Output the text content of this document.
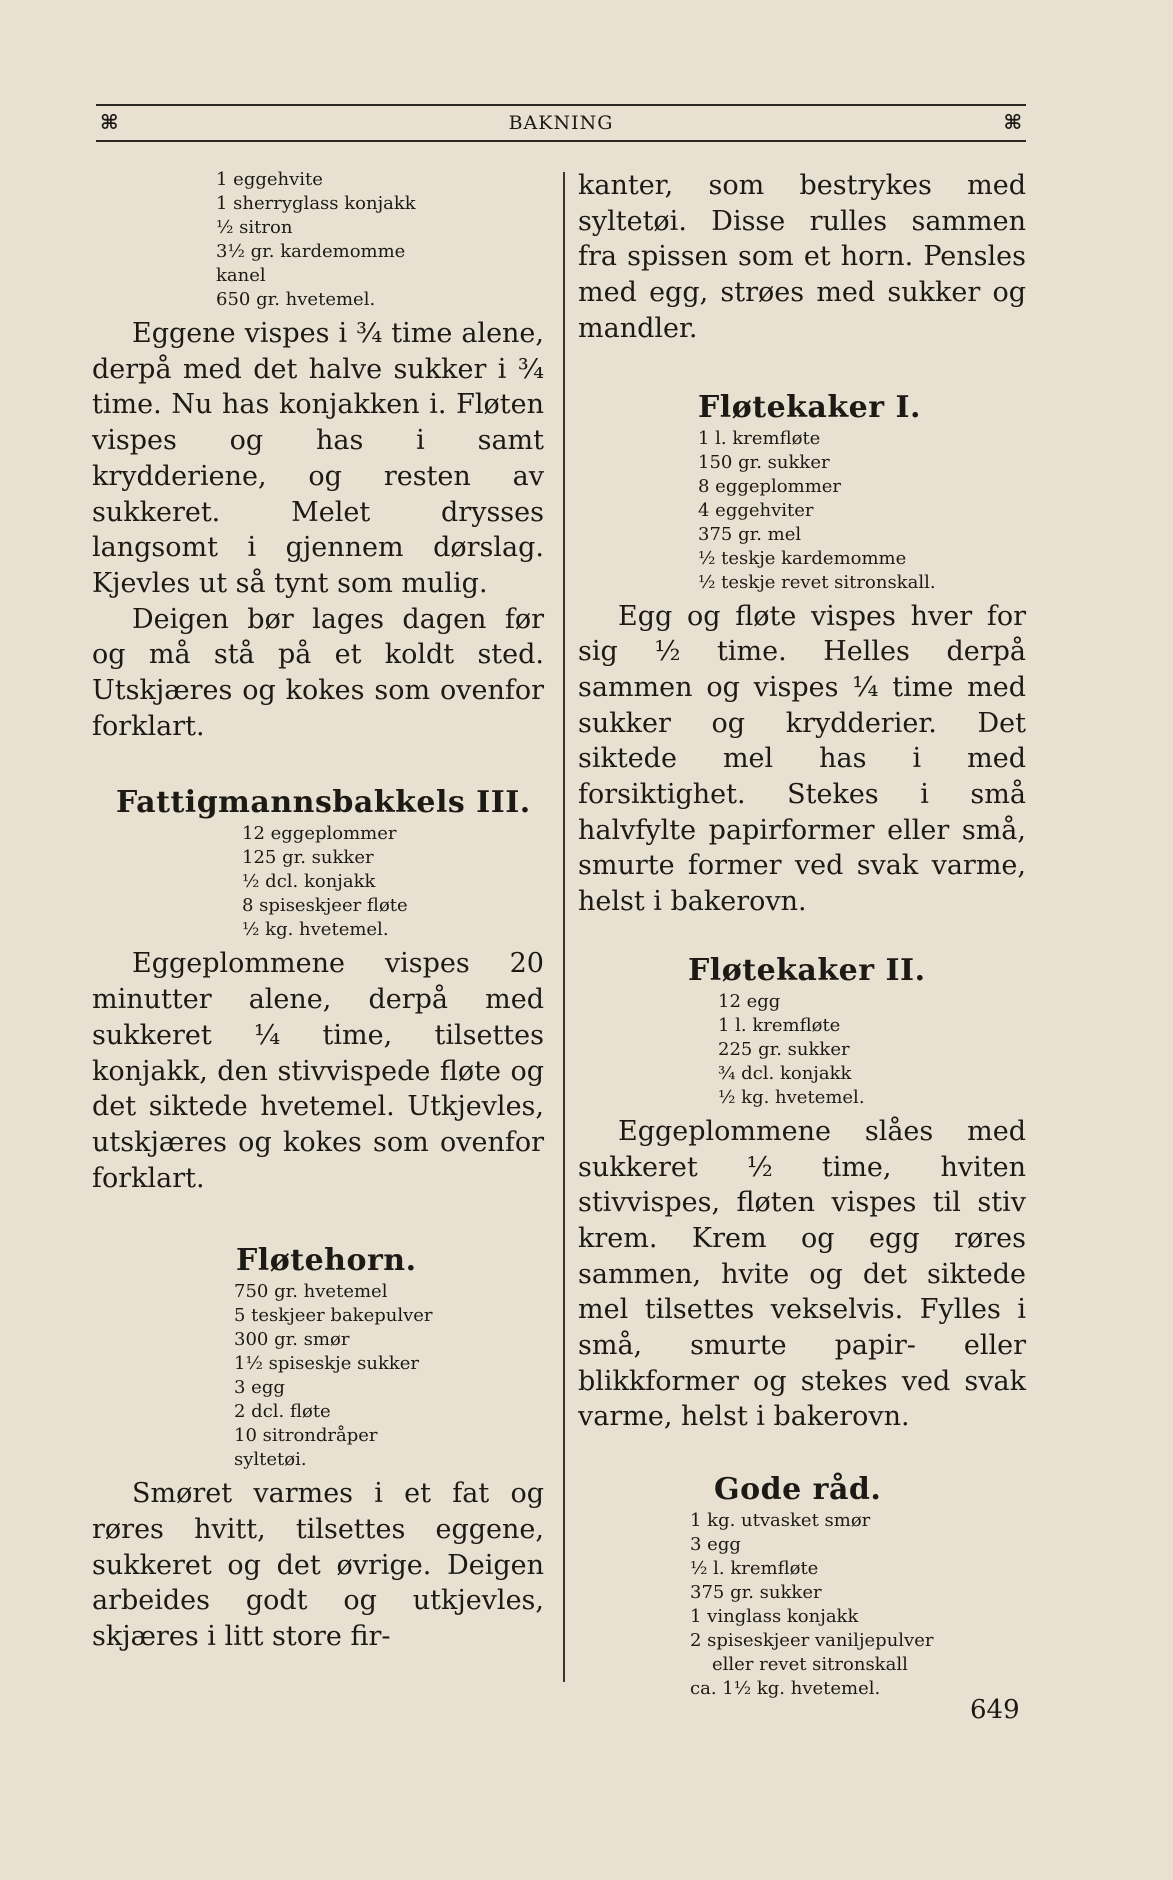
⌘	BAKNING	⌘

1 eggehvite

1 sherryglass konjakk

½ sitron

3½ gr. kardemomme

kanel

650 gr. hvetemel.

Eggene vispes i ¾ time alene, derpå med det halve sukker i ¾ time. Nu has konjakken i. Fløten vispes og has i samt krydderiene, og resten av sukkeret. Melet drysses langsomt i gjennem dørslag. Kjevles ut så tynt som mulig.

Deigen bør lages dagen før og må stå på et koldt sted. Utskjæres og kokes som ovenfor forklart.

Fattigmannsbakkels III.

12 eggeplommer

125 gr. sukker

½ dcl. konjakk

8 spiseskjeer fløte

½ kg. hvetemel.

Eggeplommene vispes 20 minutter alene, derpå med sukkeret ¼ time, tilsettes konjakk, den stivvispede fløte og det siktede hvetemel. Utkjevles, utskjæres og kokes som ovenfor forklart.

Fløtehorn.

750 gr. hvetemel

5 teskjeer bakepulver

300 gr. smør

1½ spiseskje sukker

3 egg

2 dcl. fløte

10 sitrondråper

syltetøi.

Smøret varmes i et fat og røres hvitt, tilsettes eggene, sukkeret og det øvrige. Deigen arbeides godt og utkjevles, skjæres i litt store fir-

kanter, som bestrykes med syltetøi. Disse rulles sammen fra spissen som et horn. Pensles med egg, strøes med sukker og mandler.

Fløtekaker I.

1 l. kremfløte

150 gr. sukker

8 eggeplommer

4 eggehviter

375 gr. mel

½ teskje kardemomme

½ teskje revet sitronskall.

Egg og fløte vispes hver for sig ½ time. Helles derpå sammen og vispes ¼ time med sukker og krydderier. Det siktede mel has i med forsiktighet. Stekes i små halvfylte papirformer eller små, smurte former ved svak varme, helst i bakerovn.

Fløtekaker II.

12 egg

1 l. kremfløte

225 gr. sukker

¾ dcl. konjakk

½ kg. hvetemel.

Eggeplommene slåes med sukkeret ½ time, hviten stivvispes, fløten vispes til stiv krem. Krem og egg røres sammen, hvite og det siktede mel tilsettes vekselvis. Fylles i små, smurte papir- eller blikkformer og stekes ved svak varme, helst i bakerovn.

Gode råd.

1 kg. utvasket smør

3 egg

½ l. kremfløte

375 gr. sukker

1 vinglass konjakk

2 spiseskjeer vaniljepulver

eller revet sitronskall

ca. 1½ kg. hvetemel.

649
